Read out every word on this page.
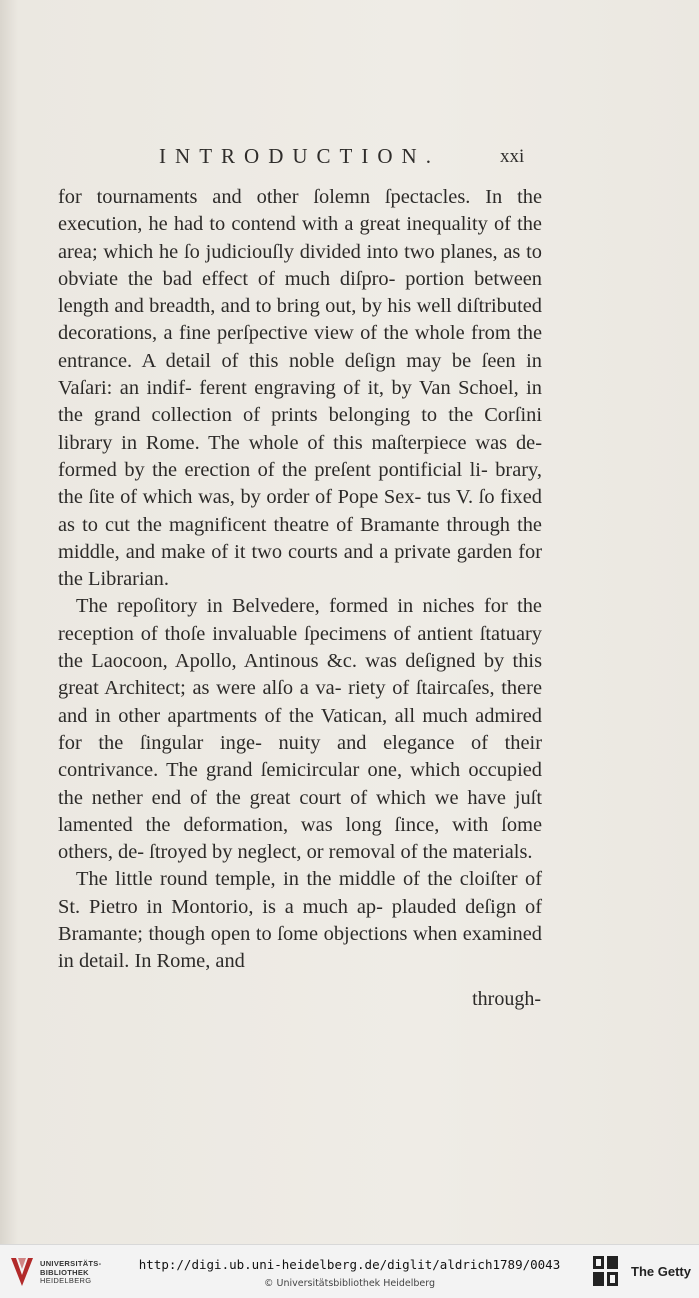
INTRODUCTION.	xxi

for tournaments and other ſolemn ſpectacles. In the execution, he had to contend with a great inequality of the area; which he ſo judiciouſly divided into two planes, as to obviate the bad effect of much diſpro- portion between length and breadth, and to bring out, by his well diſtributed decorations, a fine perſpective view of the whole from the entrance. A detail of this noble deſign may be ſeen in Vaſari: an indif- ferent engraving of it, by Van Schoel, in the grand collection of prints belonging to the Corſini library in Rome. The whole of this maſterpiece was de- formed by the erection of the preſent pontificial li- brary, the ſite of which was, by order of Pope Sex- tus V. ſo fixed as to cut the magnificent theatre of Bramante through the middle, and make of it two courts and a private garden for the Librarian.

The repoſitory in Belvedere, formed in niches for the reception of thoſe invaluable ſpecimens of antient ſtatuary the Laocoon, Apollo, Antinous &c. was deſigned by this great Architect; as were alſo a va- riety of ſtaircaſes, there and in other apartments of the Vatican, all much admired for the ſingular inge- nuity and elegance of their contrivance. The grand ſemicircular one, which occupied the nether end of the great court of which we have juſt lamented the deformation, was long ſince, with ſome others, de- ſtroyed by neglect, or removal of the materials.

The little round temple, in the middle of the cloiſter of St. Pietro in Montorio, is a much ap- plauded deſign of Bramante; though open to ſome objections when examined in detail. In Rome, and

through-
UNIVERSITÄTS-
BIBLIOTHEK
HEIDELBERG
http://digi.ub.uni-heidelberg.de/diglit/aldrich1789/0043
© Universitätsbibliothek Heidelberg
The Getty
